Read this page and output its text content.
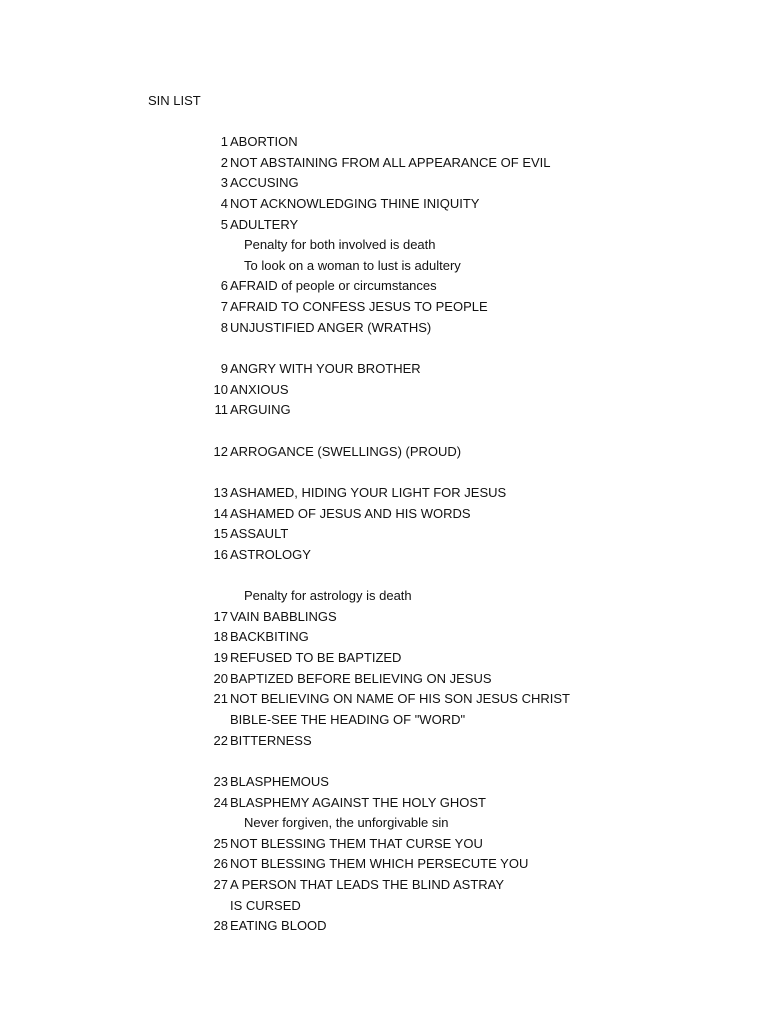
SIN LIST
1 ABORTION
2 NOT ABSTAINING FROM ALL APPEARANCE OF EVIL
3 ACCUSING
4 NOT ACKNOWLEDGING THINE INIQUITY
5 ADULTERY
Penalty for both involved is death
To look on a woman to lust is adultery
6 AFRAID of people or circumstances
7 AFRAID TO CONFESS JESUS TO PEOPLE
8 UNJUSTIFIED ANGER (WRATHS)
9 ANGRY WITH YOUR BROTHER
10 ANXIOUS
11 ARGUING
12 ARROGANCE (SWELLINGS) (PROUD)
13 ASHAMED, HIDING YOUR LIGHT FOR JESUS
14 ASHAMED OF JESUS AND HIS WORDS
15 ASSAULT
16 ASTROLOGY
Penalty for astrology is death
17 VAIN BABBLINGS
18 BACKBITING
19 REFUSED TO BE BAPTIZED
20 BAPTIZED BEFORE BELIEVING ON JESUS
21 NOT BELIEVING ON NAME OF HIS SON JESUS CHRIST
BIBLE-SEE THE HEADING OF "WORD"
22 BITTERNESS
23 BLASPHEMOUS
24 BLASPHEMY AGAINST THE HOLY GHOST
Never forgiven, the unforgivable sin
25 NOT BLESSING THEM THAT CURSE YOU
26 NOT BLESSING THEM WHICH PERSECUTE YOU
27 A PERSON THAT LEADS THE BLIND ASTRAY
IS CURSED
28 EATING BLOOD
